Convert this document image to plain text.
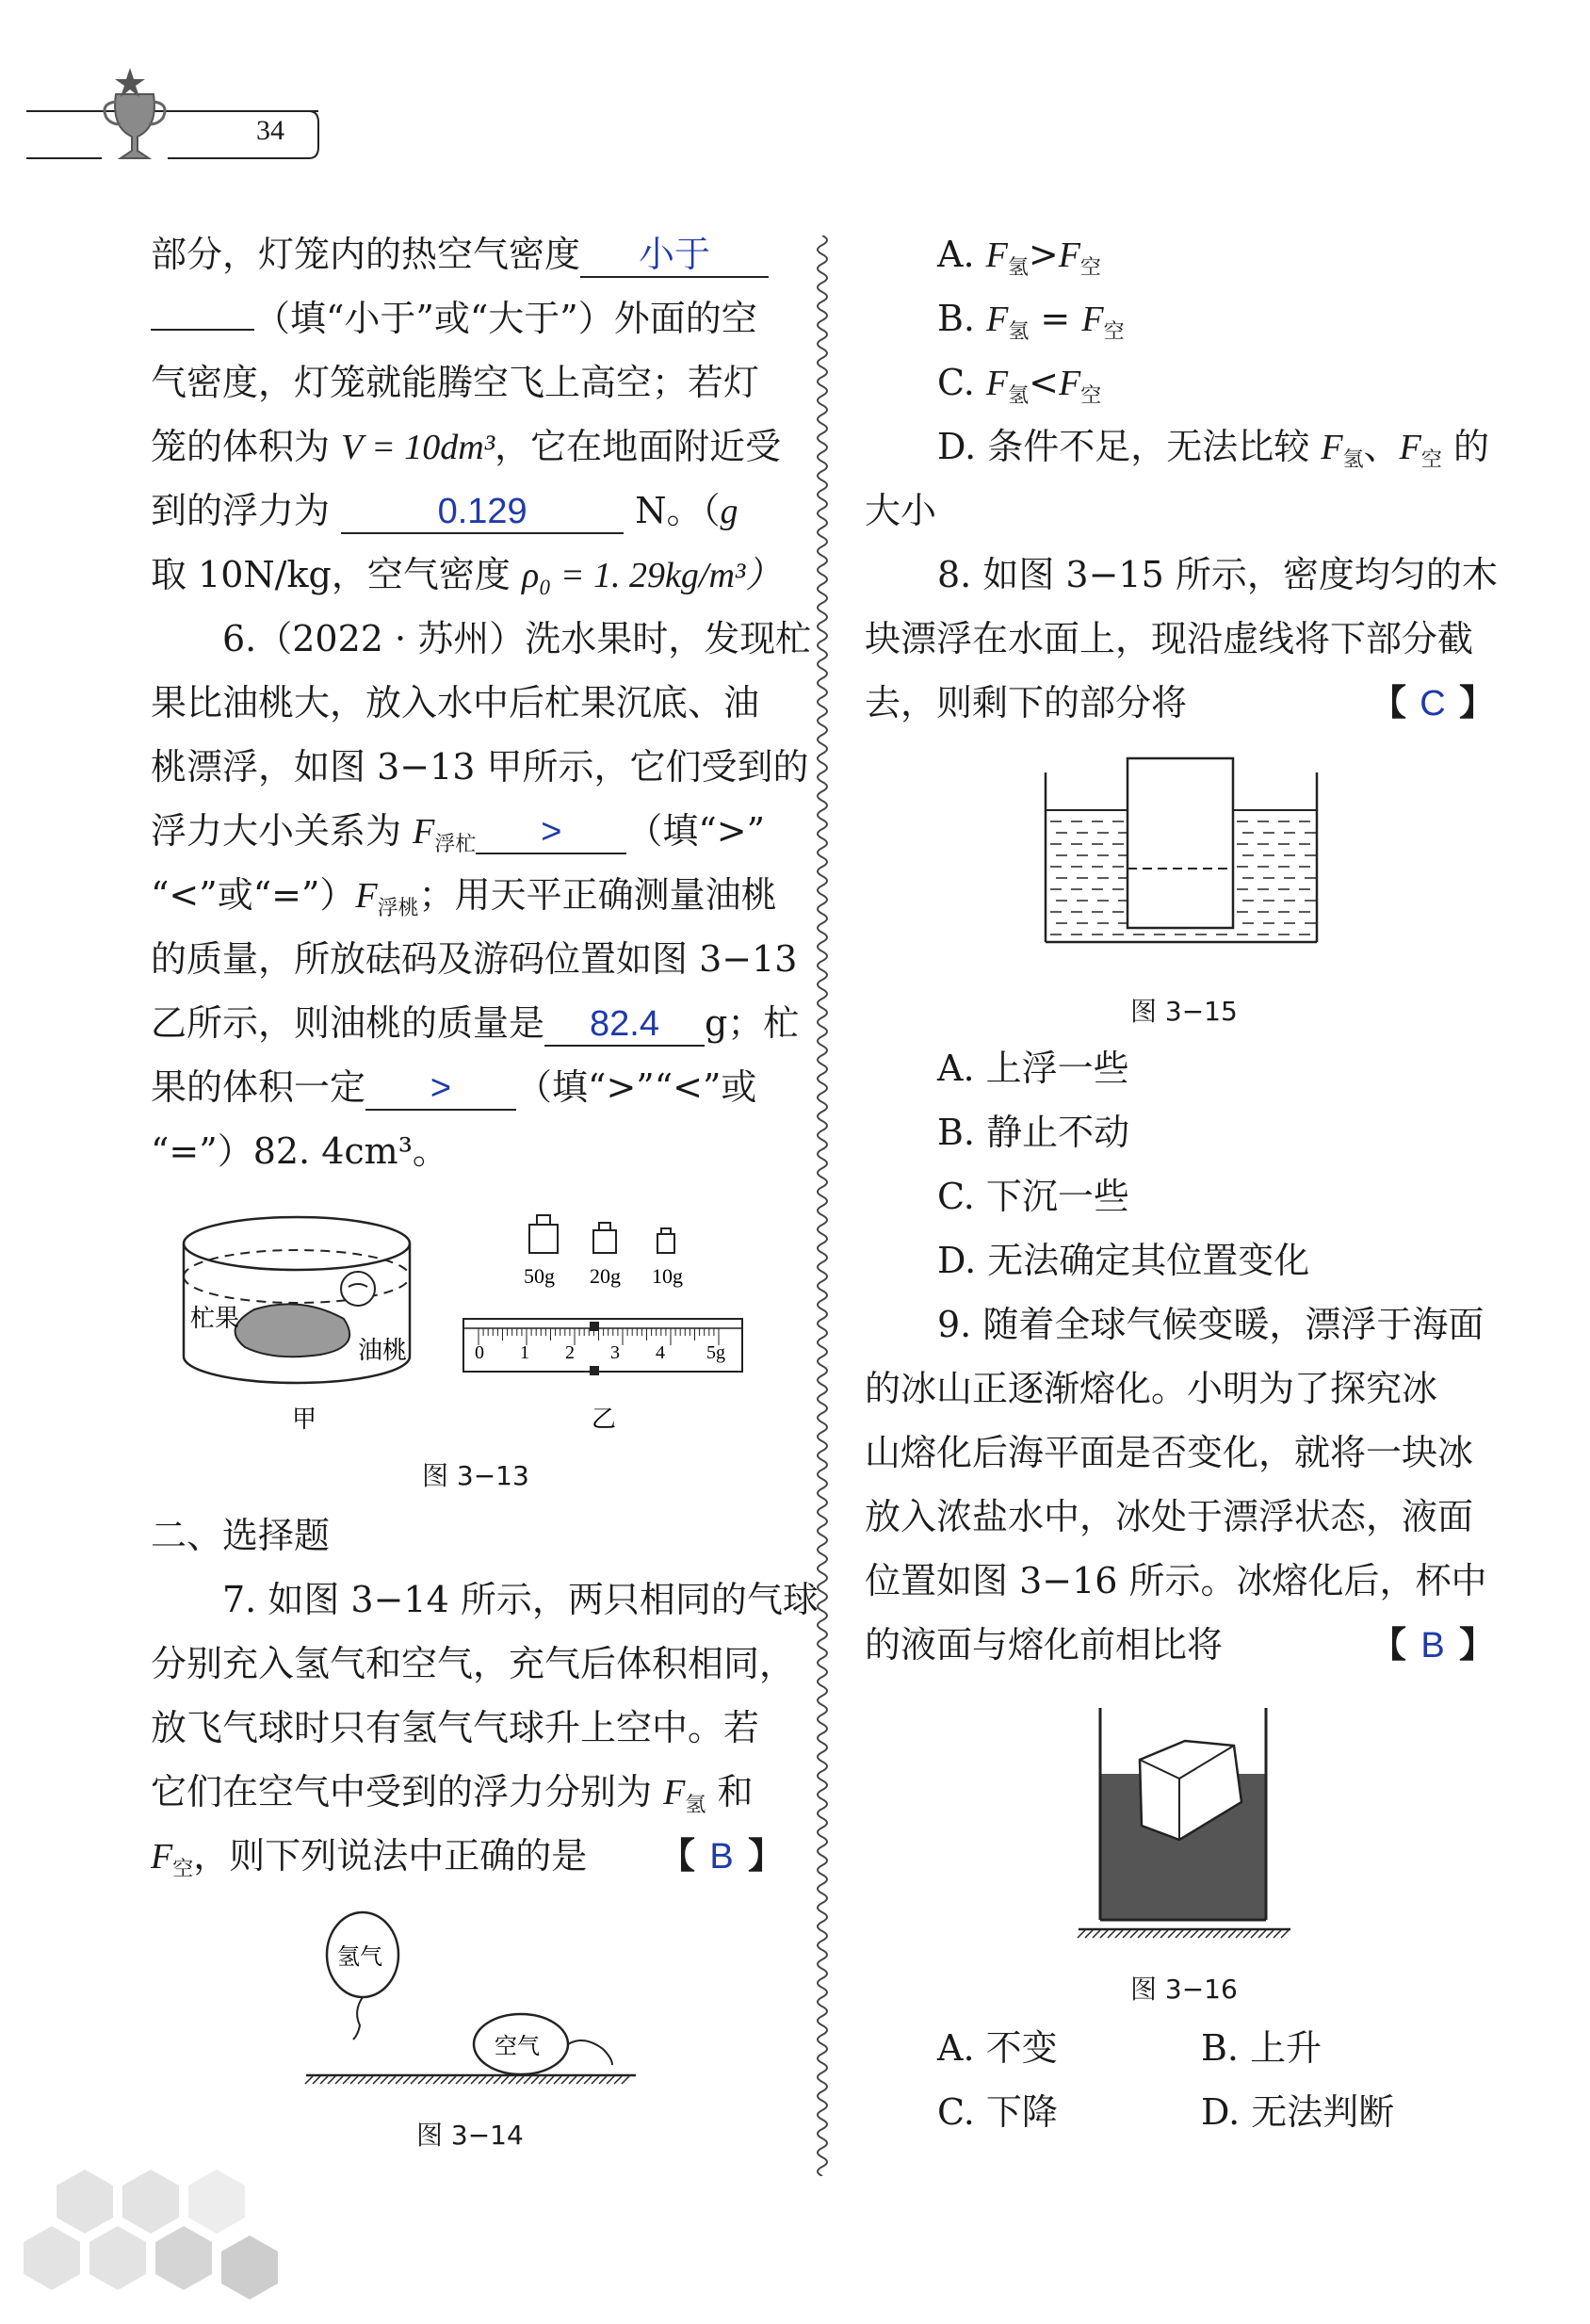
34
部分，灯笼内的热空气密度 小于
（填“小于”或“大于”）外面的空
气密度，灯笼就能腾空飞上高空；若灯
笼的体积为 V = 10dm³，它在地面附近受
到的浮力为	0.129	N。（g
取 10N/kg，空气密度 ρ₀ = 1. 29kg/m³）
6.（2022 · 苏州）洗水果时，发现杧
果比油桃大，放入水中后杧果沉底、油
桃漂浮，如图 3−13 甲所示，它们受到的
浮力大小关系为 $F_{浮杧}$ > （填“>”
“<”或“$=”)F_{浮桃}$；用天平正确测量油桃
的质量，所放砝码及游码位置如图 3−13
乙所示，则油桃的质量是 82.4 g；杧
果的体积一定 > （填“>”“<”或
“=”）82. 4cm³。
杧果
油桃
甲
50g 20g 10g
0 1 2 3 4 5g
乙
图 3−13
二、选择题
7. 如图 3−14 所示，两只相同的气球
分别充入氢气和空气，充气后体积相同，
放飞气球时只有氢气气球升上空中。若
它们在空气中受到的浮力分别为 $F_氢$ 和
$F_空$，则下列说法中正确的是 【 B 】
氢气
空气
图 3−14
A. $F_氢>F_空$
B. $F_氢 = F_空$
C. $F_氢<F_空$
D. 条件不足，无法比较 $F_氢$、$F_空$ 的
大小
8. 如图 3−15 所示，密度均匀的木
块漂浮在水面上，现沿虚线将下部分截
去，则剩下的部分将	【 C 】
图 3−15
A. 上浮一些
B. 静止不动
C. 下沉一些
D. 无法确定其位置变化
9. 随着全球气候变暖，漂浮于海面
的冰山正逐渐熔化。小明为了探究冰
山熔化后海平面是否变化，就将一块冰
放入浓盐水中，冰处于漂浮状态，液面
位置如图 3−16 所示。冰熔化后，杯中
的液面与熔化前相比将	【 B 】
图 3−16
A. 不变	B. 上升
C. 下降	D. 无法判断
